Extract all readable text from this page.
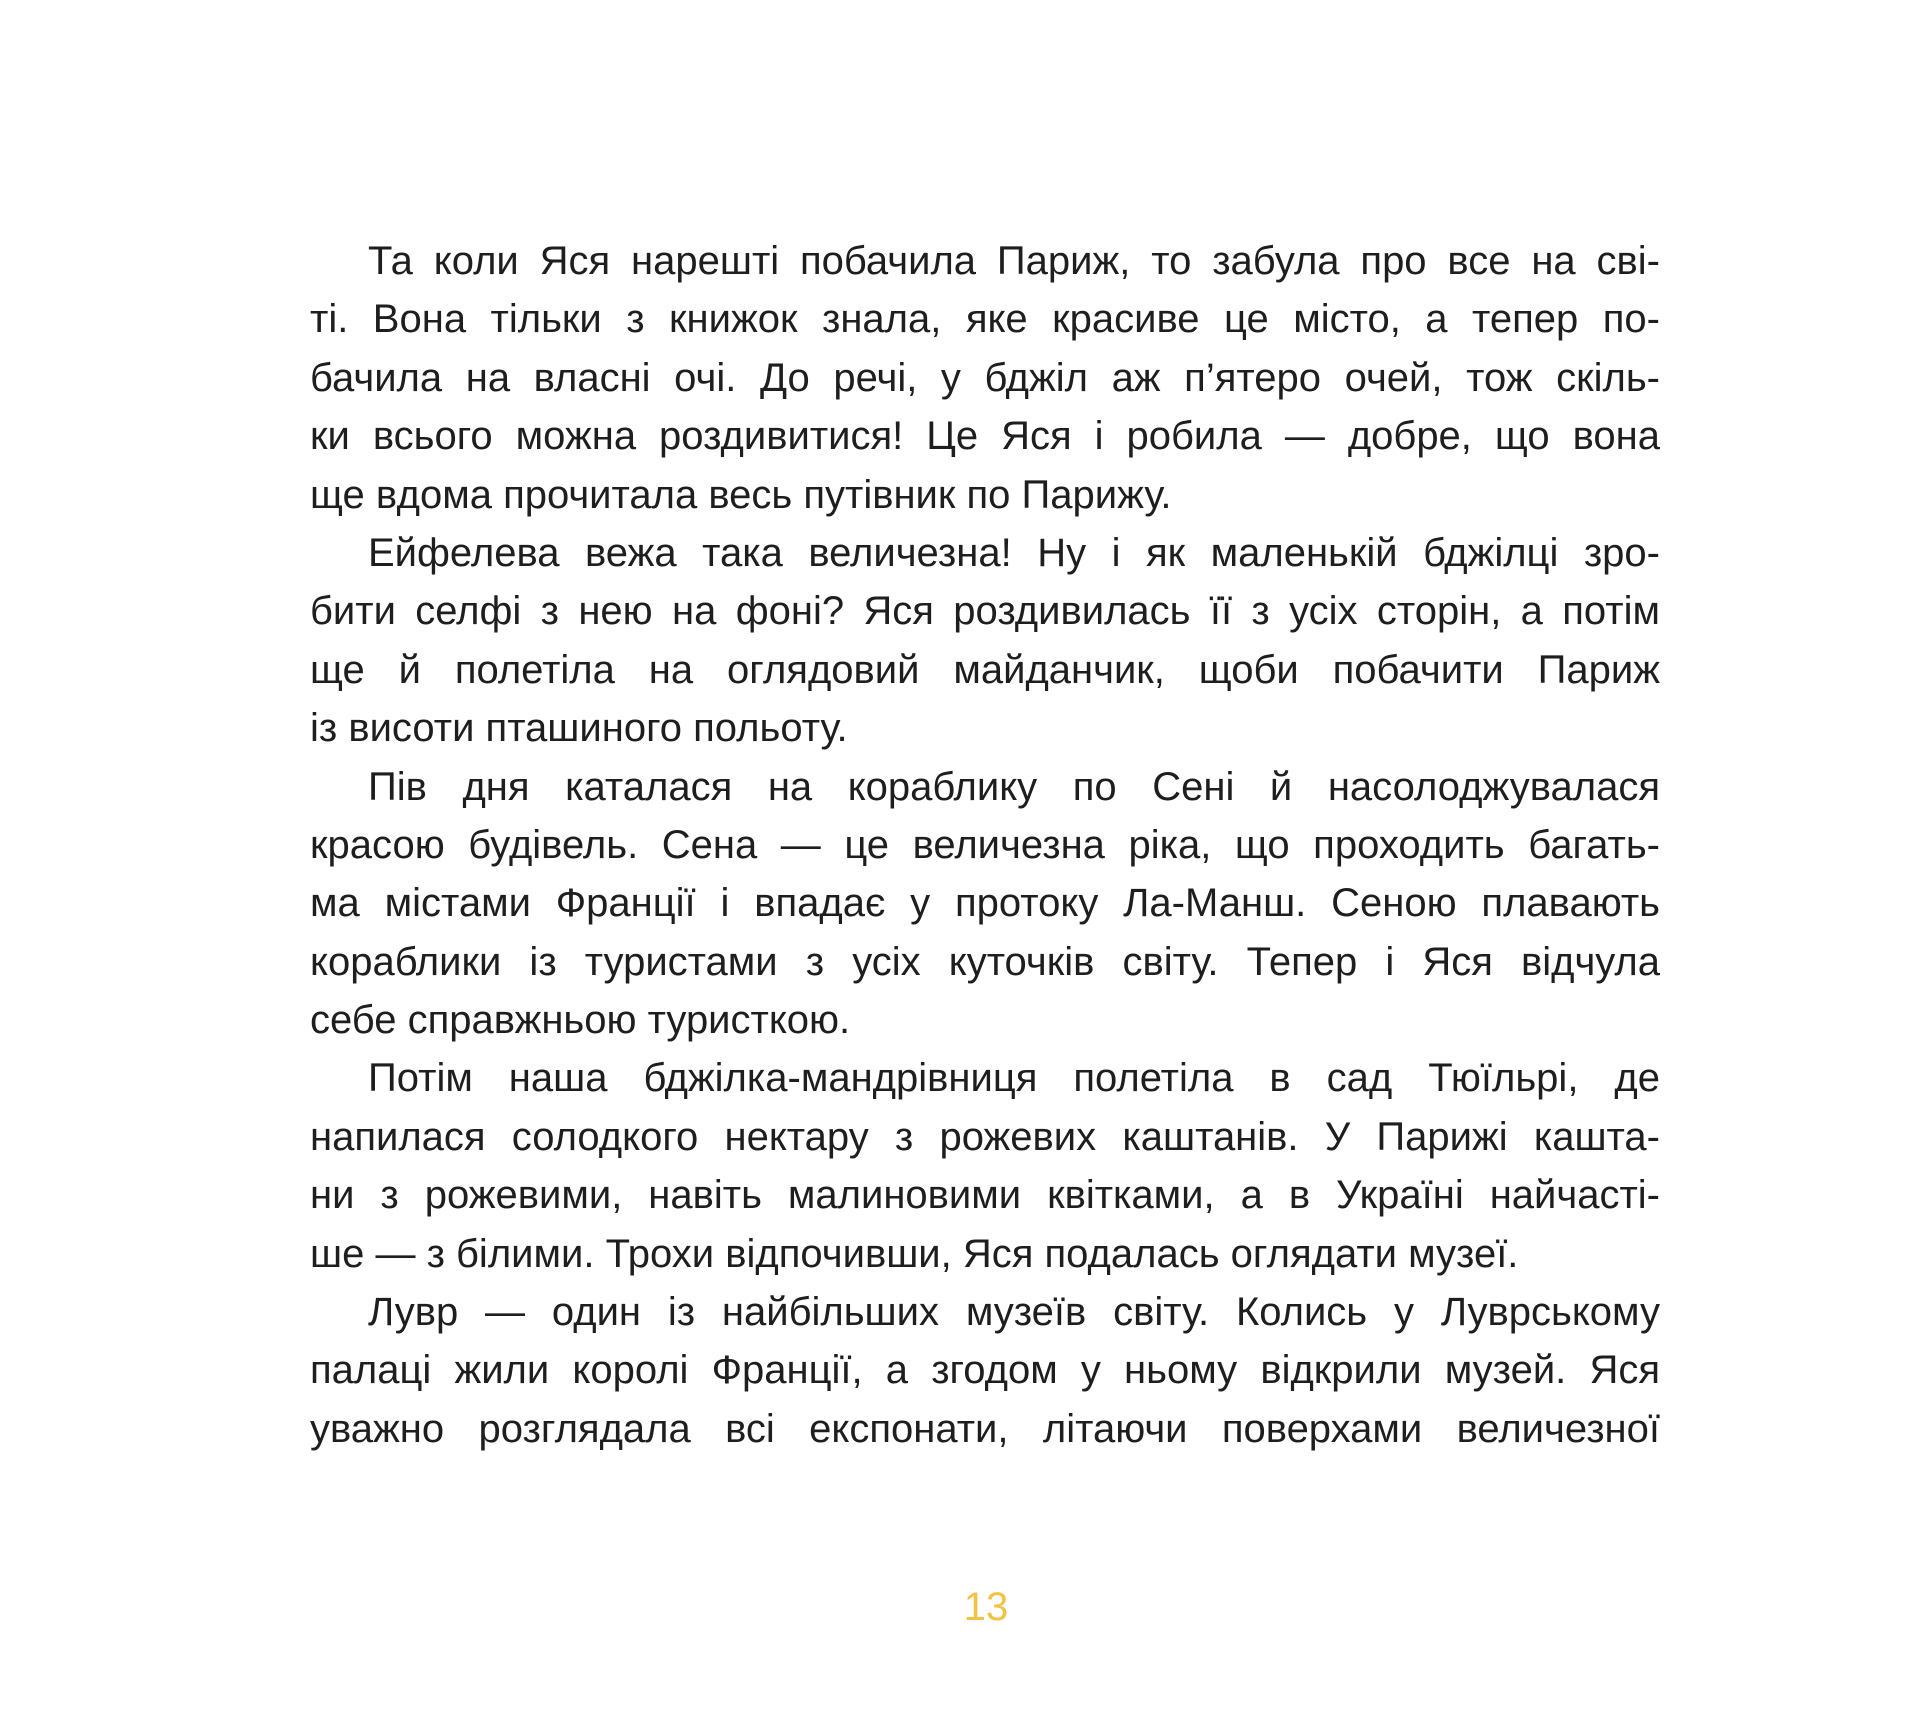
Та коли Яся нарешті побачила Париж, то забула про все на сві-
ті. Вона тільки з книжок знала, яке красиве це місто, а тепер по-
бачила на власні очі. До речі, у бджіл аж п’ятеро очей, тож скіль-
ки всього можна роздивитися! Це Яся і робила — добре, що вона
ще вдома прочитала весь путівник по Парижу.
Ейфелева вежа така величезна! Ну і як маленькій бджілці зро-
бити селфі з нею на фоні? Яся роздивилась її з усіх сторін, а потім
ще й полетіла на оглядовий майданчик, щоби побачити Париж
із висоти пташиного польоту.
Пів дня каталася на кораблику по Сені й насолоджувалася
красою будівель. Сена — це величезна ріка, що проходить багать-
ма містами Франції і впадає у протоку Ла-Манш. Сеною плавають
кораблики із туристами з усіх куточків світу. Тепер і Яся відчула
себе справжньою туристкою.
Потім наша бджілка-мандрівниця полетіла в сад Тюїльрі, де
напилася солодкого нектару з рожевих каштанів. У Парижі кашта-
ни з рожевими, навіть малиновими квітками, а в Україні найчасті-
ше — з білими. Трохи відпочивши, Яся подалась оглядати музеї.
Лувр — один із найбільших музеїв світу. Колись у Луврському
палаці жили королі Франції, а згодом у ньому відкрили музей. Яся
уважно розглядала всі експонати, літаючи поверхами величезної
13
